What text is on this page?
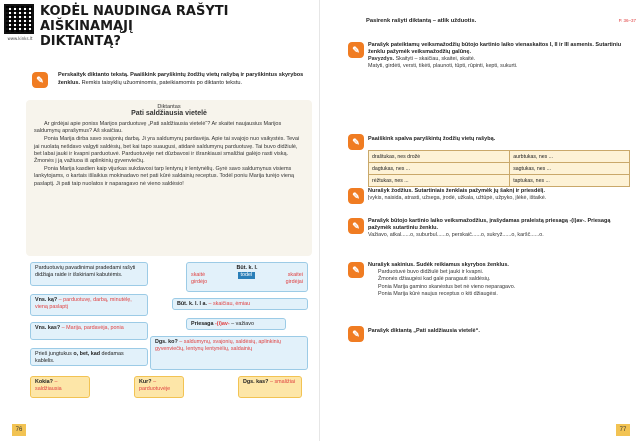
www.kinks.lt
KODĖL NAUDINGA RAŠYTI AIŠKINAMĄJĮ
DIKTANTĄ?
✎	Perskaityk diktanto tekstą. Paaiškink paryškintų žodžių vietų rašybą ir paryškintus skyrybos ženklus. Remkis taisyklių užuominomis, pateikiamomis po diktanto tekstu.
Diktantas
Pati saldžiausia vietelė

Ar girdėjai apie poniss Marijos parduotuvę „Pati saldžiausia vietelė“? Ar skaitei naujausius Marijos saldumynų aprašymus? Aš skaičiau.

Ponia Marija dirba savo svajonių darbą. Ji yra saldumynų pardavėja. Apie tai svajojo nuo vaikystės. Tevai jai nuolatą nešdavo valgyti saldėsių, bet kai tapo suaugusi, atidarė saldumynų parduotuvę. Tai buvo didžiulė, bet labai jauki ir kvapni parduotuvė. Parduotuvėje net dūzbavosi ir išrankiausi smaližiai galėjo rasti viską. Žmonės į ją važiuoa iš aplinkinių gyvenviečių.

Ponia Marija kasdien kaip vijurkas sukdavosi tarp lentynų ir lentynėlių. Gyrė savo saldumynus visiems lankytojams, o kartais išlaikius mokinadavo net pati kūrė saldainių receptus. Todėl poniu Marija turėjo vieną paslaptį. Ji pati taip nuolatos ir naparagavo nė vieno saldėsio!

Parduotuvių pavadinimai pradedami rašyti didžiąja raide ir išskiriami kabutėmis.
Vns. ką? – parduotuvę, darbą, minutėlę, vieną paslaptį
Vns. kas? – Marija, pardavėja, ponia
Prieš jungtukus o, bet, kad dedamas kablelis.
Kokia? – saldžiausia
Kur? – parduotuvėje
Būt. k. l.
skaitė	todel	skaitei
girdėjo	girdėjai
Būt. k. l. I a. – skaičiau, ėmiau
Priesaga -(i)av- – važiavo
Dgs. ko? – saldumynų, svajonių, saldėsių, aplinkinių gyvenviečių, lentynų lentynėlių, saldainių
Dgs. kas? – smaližiai
76
Pasirenk rašyti diktantą – atlik užduotis.	P. 36–37
✎	Parašyk pateiktamų veiksmažodžių būtojo kartinio laiko vienaskaitos I, II ir III asmenis. Sutartiniu ženklu pažymėk veiksmažodžių galūnę.
Pavyzdys. Skaityti – skaičiau, skaitei, skaitė.
Matyti, girdėti, versti, tikėti, plaunoti, tūpti, rūpinti, kepti, sukurti.
✎	Paaiškink spalva paryškintų žodžių vietų rašybą.
draštukas, nes drožė	aurbtukas, nes ...
dagtukas, nes ...	sagtukas, nes ...
rėžtukas, nes ...	taptukas, nes ...
✎	Nurašyk žodžius. Sutartiniais ženklais pažymėk jų šaknį ir priesdėlį.
Įvykis, naisida, atrasti, užsega, įrodė, užkala, užtūpė, užpyko, įlėkė, ištaikė.
✎	Parašyk būtojo kartinio laiko veiksmažodžius, įrašydamas praleistą priesagą -(i)av-. Priesagą pažymėk sutartiniu ženklu.
Važiavo, atkal......o, suburbul......o, perskaič......o, sukryž......o, karšč......o.
✎	Nurašyk sakinius. Sudėk reikiamus skyrybos ženklus.
Parduotuvė buvo didžiulė bet jauki ir kvapni.
Žmonės džiaugėsi kad galė paragauti saldėsių.
Ponia Marija gamino skanėstus bet nė vieno neparagavo.
Ponia Marija kūrė naujus receptus o kiti džiaugėsi.
✎	Parašyk diktantą „Pati saldžiausia vietelė“.
77
